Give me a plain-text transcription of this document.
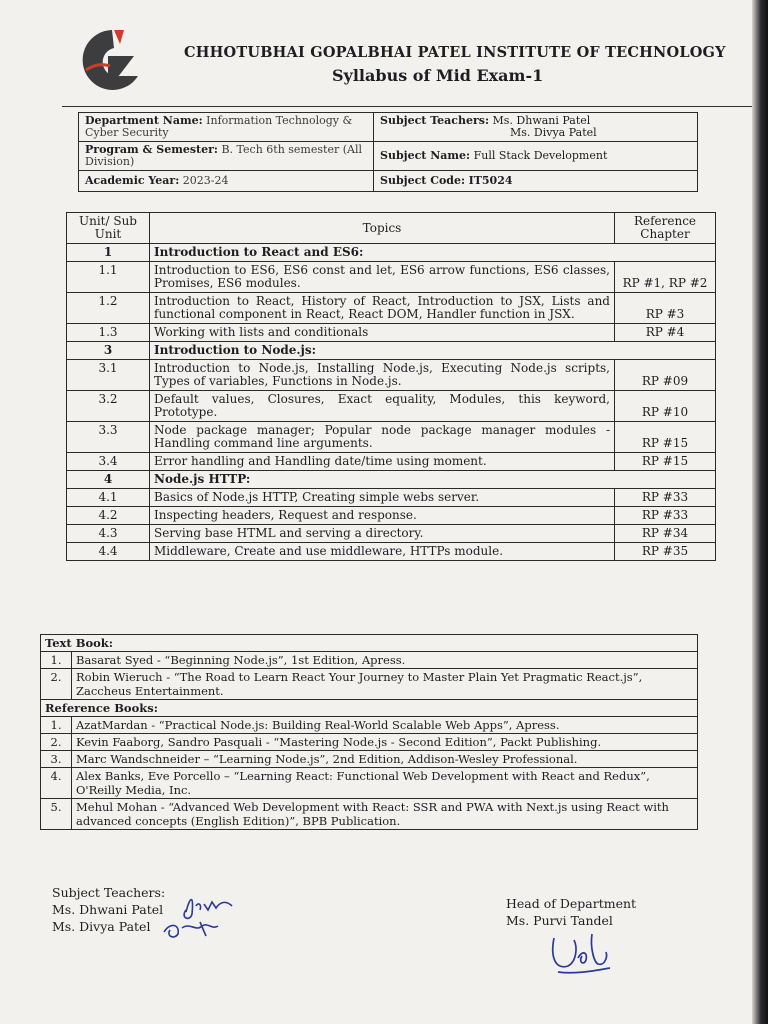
CHHOTUBHAI GOPALBHAI PATEL INSTITUTE OF TECHNOLOGY
Syllabus of Mid Exam-1
Department Name: Information Technology & Cyber Security	Subject Teachers: Ms. Dhwani Patel
Ms. Divya Patel
Program & Semester: B. Tech 6th semester (All Division)	Subject Name: Full Stack Development
Academic Year: 2023-24	Subject Code: IT5024
Unit/ Sub Unit	Topics	Reference Chapter
1	Introduction to React and ES6:	
1.1	Introduction to ES6, ES6 const and let, ES6 arrow functions, ES6 classes, Promises, ES6 modules.	RP #1, RP #2
1.2	Introduction to React, History of React, Introduction to JSX, Lists and functional component in React, React DOM, Handler function in JSX.	RP #3
1.3	Working with lists and conditionals	RP #4
3	Introduction to Node.js:	
3.1	Introduction to Node.js, Installing Node.js, Executing Node.js scripts, Types of variables, Functions in Node.js.	RP #09
3.2	Default values, Closures, Exact equality, Modules, this keyword, Prototype.	RP #10
3.3	Node package manager; Popular node package manager modules - Handling command line arguments.	RP #15
3.4	Error handling and Handling date/time using moment.	RP #15
4	Node.js HTTP:	
4.1	Basics of Node.js HTTP, Creating simple webs server.	RP #33
4.2	Inspecting headers, Request and response.	RP #33
4.3	Serving base HTML and serving a directory.	RP #34
4.4	Middleware, Create and use middleware, HTTPs module.	RP #35
Text Book:	
1.	Basarat Syed - “Beginning Node.js”, 1st Edition, Apress.
2.	Robin Wieruch - “The Road to Learn React Your Journey to Master Plain Yet Pragmatic React.js”, Zaccheus Entertainment.
Reference Books:	
1.	AzatMardan - “Practical Node.js: Building Real-World Scalable Web Apps”, Apress.
2.	Kevin Faaborg, Sandro Pasquali - “Mastering Node.js - Second Edition”, Packt Publishing.
3.	Marc Wandschneider – “Learning Node.js”, 2nd Edition, Addison-Wesley Professional.
4.	Alex Banks, Eve Porcello – “Learning React: Functional Web Development with React and Redux”, O'Reilly Media, Inc.
5.	Mehul Mohan - “Advanced Web Development with React: SSR and PWA with Next.js using React with advanced concepts (English Edition)”, BPB Publication.
Subject Teachers:
Ms. Dhwani Patel
Ms. Divya Patel
Head of Department
Ms. Purvi Tandel
